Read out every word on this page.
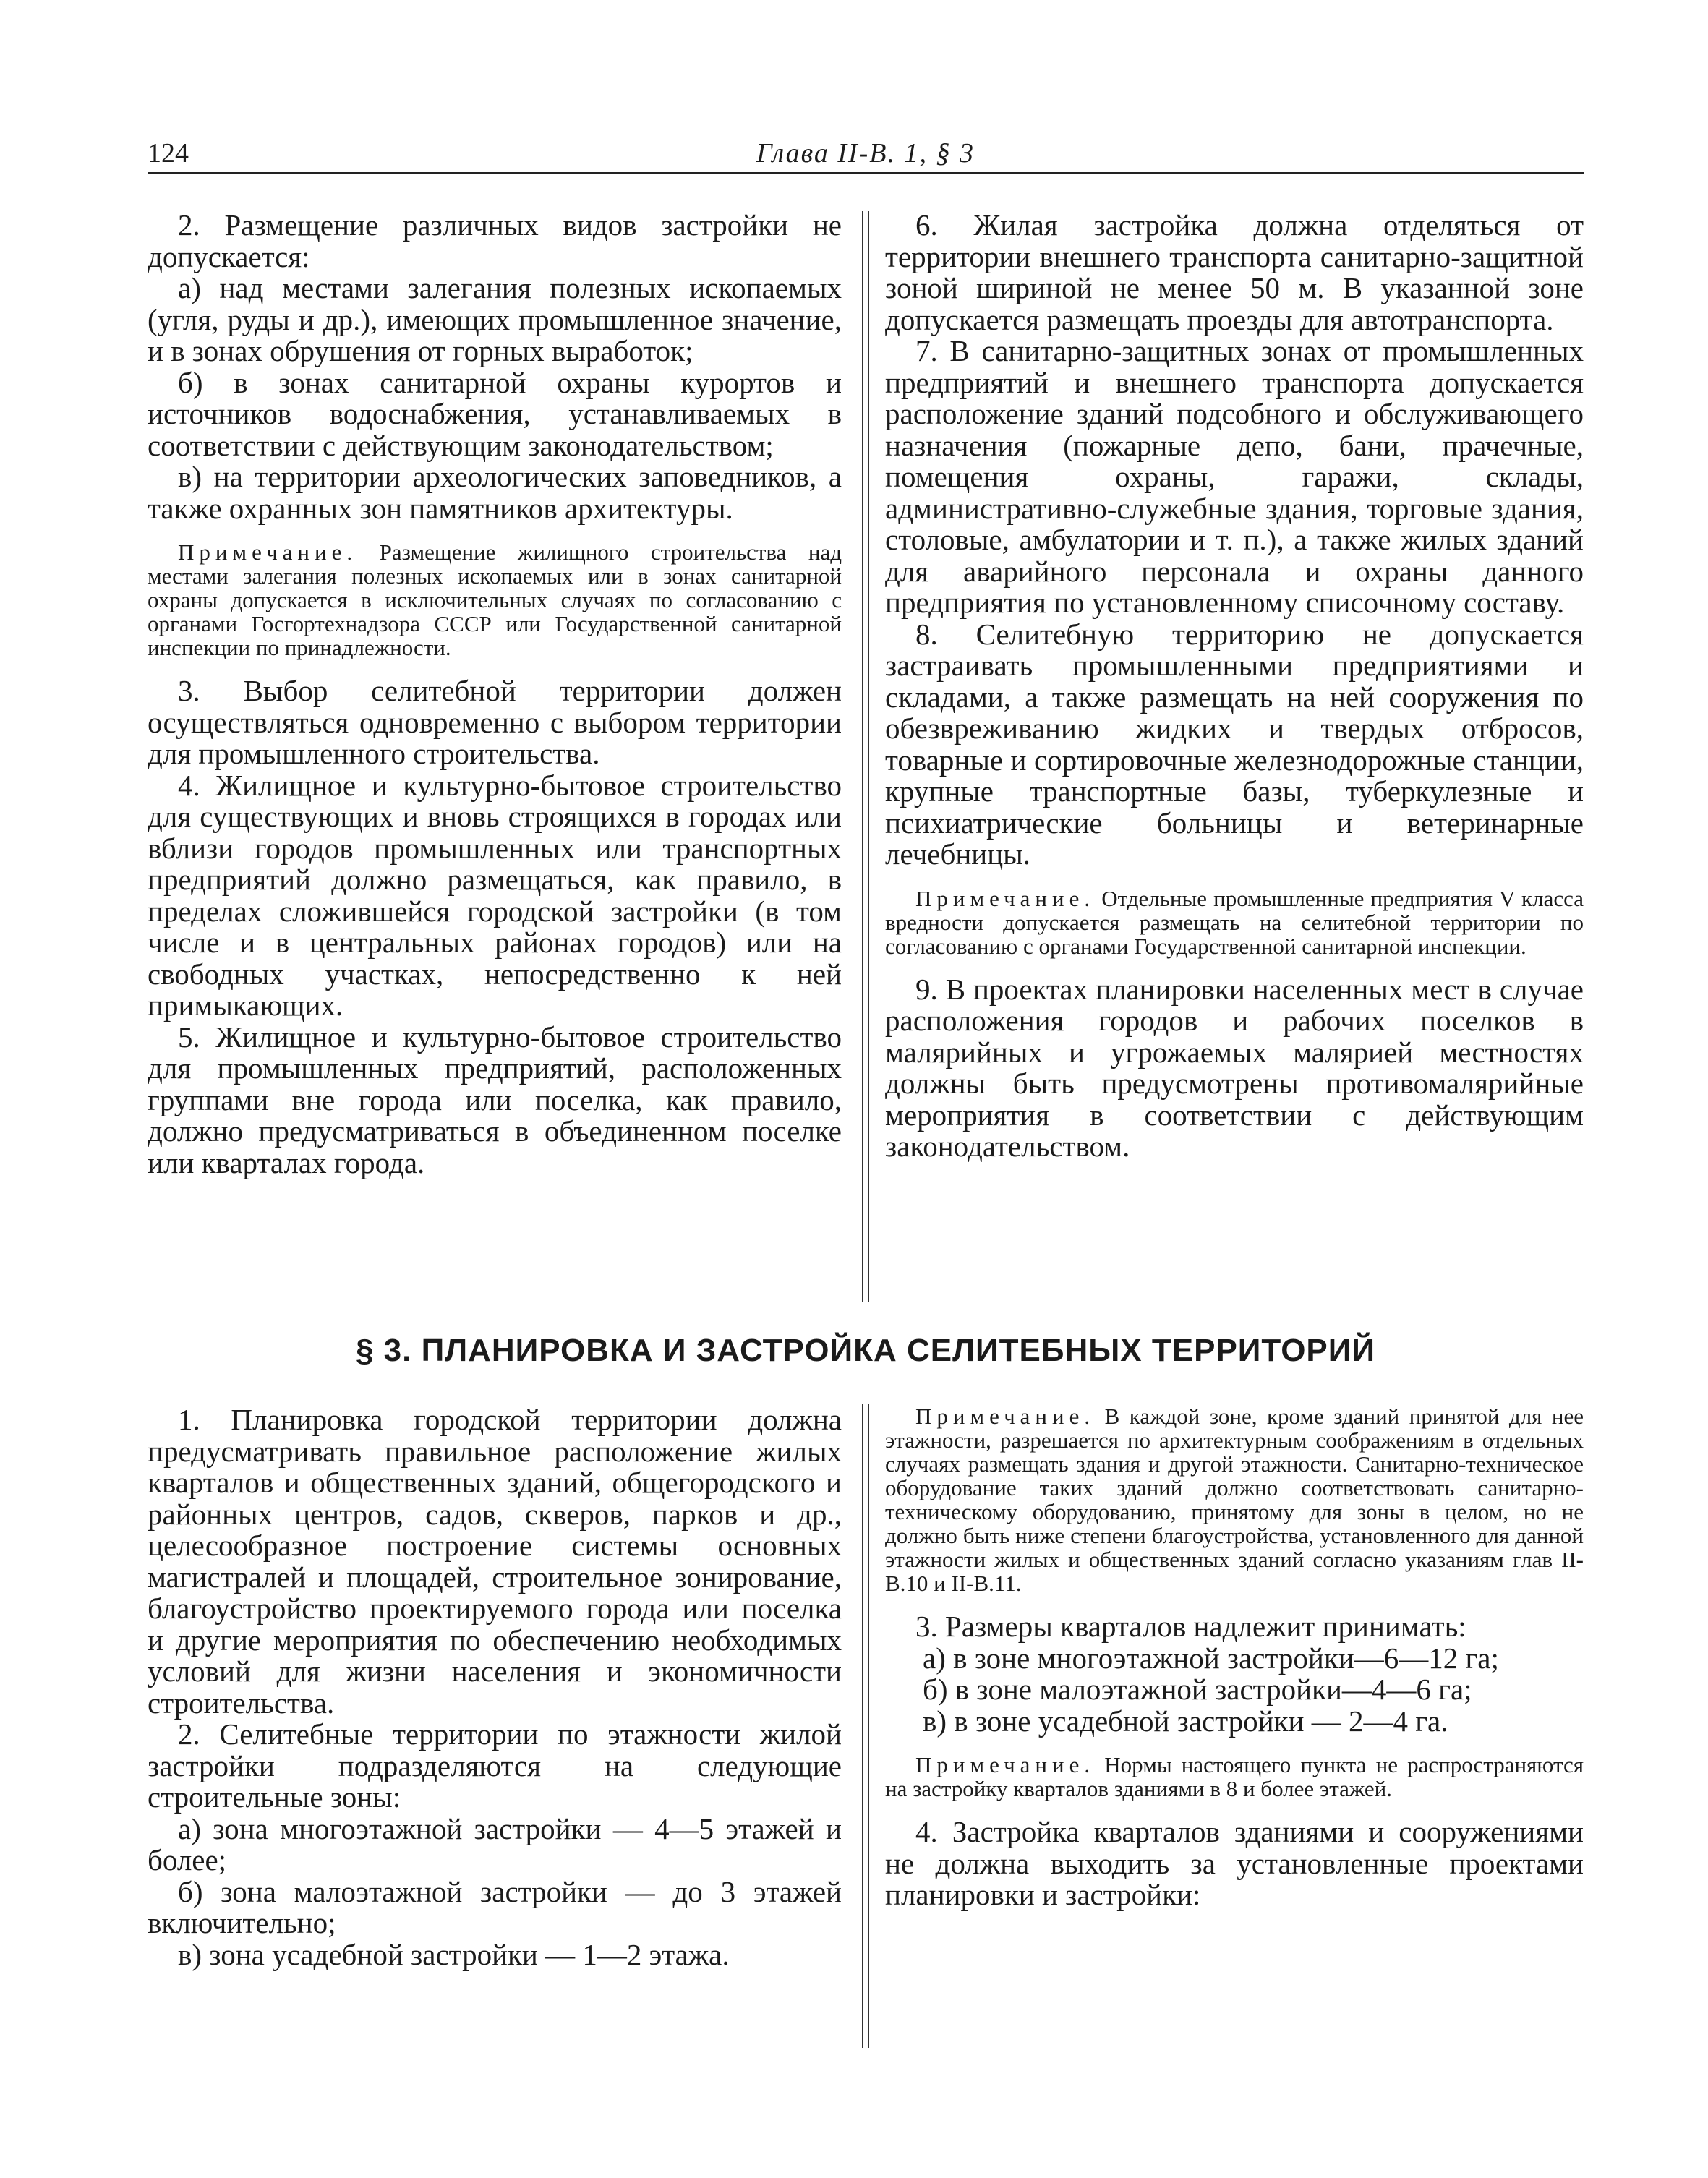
124	Глава II-В. 1, § 3

2. Размещение различных видов застройки не допускается:

а) над местами залегания полезных ископаемых (угля, руды и др.), имеющих промышленное значение, и в зонах обрушения от горных выработок;

б) в зонах санитарной охраны курортов и источников водоснабжения, устанавливаемых в соответствии с действующим законодательством;

в) на территории археологических заповедников, а также охранных зон памятников архитектуры.

Примечание. Размещение жилищного строительства над местами залегания полезных ископаемых или в зонах санитарной охраны допускается в исключительных случаях по согласованию с органами Госгортехнадзора СССР или Государственной санитарной инспекции по принадлежности.

3. Выбор селитебной территории должен осуществляться одновременно с выбором территории для промышленного строительства.

4. Жилищное и культурно-бытовое строительство для существующих и вновь строящихся в городах или вблизи городов промышленных или транспортных предприятий должно размещаться, как правило, в пределах сложившейся городской застройки (в том числе и в центральных районах городов) или на свободных участках, непосредственно к ней примыкающих.

5. Жилищное и культурно-бытовое строительство для промышленных предприятий, расположенных группами вне города или поселка, как правило, должно предусматриваться в объединенном поселке или кварталах города.

6. Жилая застройка должна отделяться от территории внешнего транспорта санитарно-защитной зоной шириной не менее 50 м. В указанной зоне допускается размещать проезды для автотранспорта.

7. В санитарно-защитных зонах от промышленных предприятий и внешнего транспорта допускается расположение зданий подсобного и обслуживающего назначения (пожарные депо, бани, прачечные, помещения охраны, гаражи, склады, административно-служебные здания, торговые здания, столовые, амбулатории и т. п.), а также жилых зданий для аварийного персонала и охраны данного предприятия по установленному списочному составу.

8. Селитебную территорию не допускается застраивать промышленными предприятиями и складами, а также размещать на ней сооружения по обезвреживанию жидких и твердых отбросов, товарные и сортировочные железнодорожные станции, крупные транспортные базы, туберкулезные и психиатрические больницы и ветеринарные лечебницы.

Примечание. Отдельные промышленные предприятия V класса вредности допускается размещать на селитебной территории по согласованию с органами Государственной санитарной инспекции.

9. В проектах планировки населенных мест в случае расположения городов и рабочих поселков в малярийных и угрожаемых малярией местностях должны быть предусмотрены противомалярийные мероприятия в соответствии с действующим законодательством.

§ 3. ПЛАНИРОВКА И ЗАСТРОЙКА СЕЛИТЕБНЫХ ТЕРРИТОРИЙ

1. Планировка городской территории должна предусматривать правильное расположение жилых кварталов и общественных зданий, общегородского и районных центров, садов, скверов, парков и др., целесообразное построение системы основных магистралей и площадей, строительное зонирование, благоустройство проектируемого города или поселка и другие мероприятия по обеспечению необходимых условий для жизни населения и экономичности строительства.

2. Селитебные территории по этажности жилой застройки подразделяются на следующие строительные зоны:

а) зона многоэтажной застройки — 4—5 этажей и более;

б) зона малоэтажной застройки — до 3 этажей включительно;

в) зона усадебной застройки — 1—2 этажа.

Примечание. В каждой зоне, кроме зданий принятой для нее этажности, разрешается по архитектурным соображениям в отдельных случаях размещать здания и другой этажности. Санитарно-техническое оборудование таких зданий должно соответствовать санитарно-техническому оборудованию, принятому для зоны в целом, но не должно быть ниже степени благоустройства, установленного для данной этажности жилых и общественных зданий согласно указаниям глав II-В.10 и II-В.11.

3. Размеры кварталов надлежит принимать:

а) в зоне многоэтажной застройки—6—12 га;

б) в зоне малоэтажной застройки—4—6 га;

в) в зоне усадебной застройки — 2—4 га.

Примечание. Нормы настоящего пункта не распространяются на застройку кварталов зданиями в 8 и более этажей.

4. Застройка кварталов зданиями и сооружениями не должна выходить за установленные проектами планировки и застройки:
